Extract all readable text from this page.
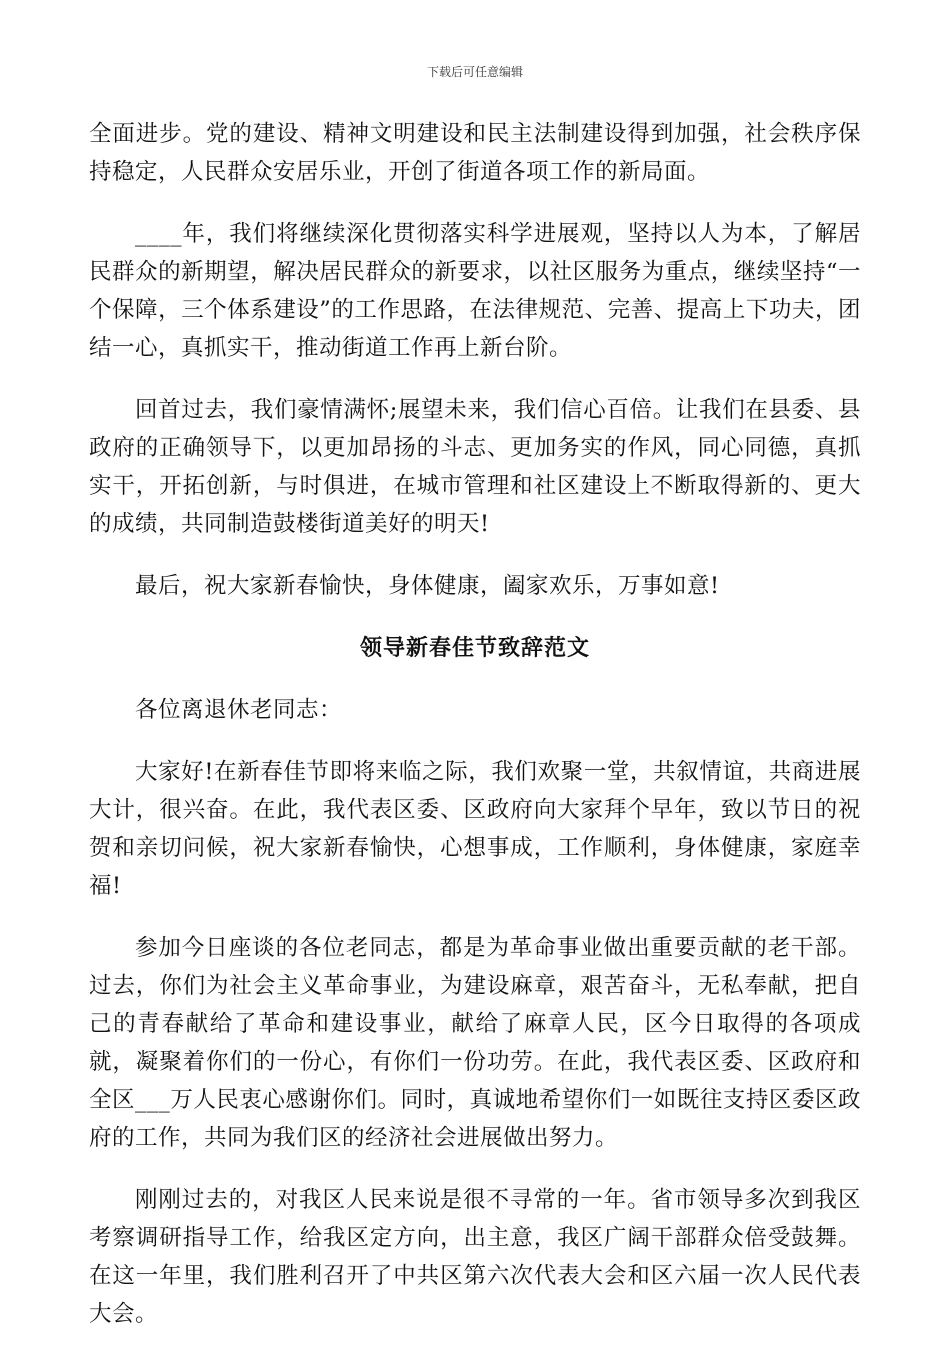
下载后可任意编辑

全面进步。党的建设、精神文明建设和民主法制建设得到加强，社会秩序保持稳定，人民群众安居乐业，开创了街道各项工作的新局面。

____年，我们将继续深化贯彻落实科学进展观，坚持以人为本，了解居民群众的新期望，解决居民群众的新要求，以社区服务为重点，继续坚持“一个保障，三个体系建设”的工作思路，在法律规范、完善、提高上下功夫，团结一心，真抓实干，推动街道工作再上新台阶。

回首过去，我们豪情满怀;展望未来，我们信心百倍。让我们在县委、县政府的正确领导下，以更加昂扬的斗志、更加务实的作风，同心同德，真抓实干，开拓创新，与时俱进，在城市管理和社区建设上不断取得新的、更大的成绩，共同制造鼓楼街道美好的明天!

最后，祝大家新春愉快，身体健康，阖家欢乐，万事如意!

领导新春佳节致辞范文

各位离退休老同志：

大家好!在新春佳节即将来临之际，我们欢聚一堂，共叙情谊，共商进展大计，很兴奋。在此，我代表区委、区政府向大家拜个早年，致以节日的祝贺和亲切问候，祝大家新春愉快，心想事成，工作顺利，身体健康，家庭幸福!

参加今日座谈的各位老同志，都是为革命事业做出重要贡献的老干部。过去，你们为社会主义革命事业，为建设麻章，艰苦奋斗，无私奉献，把自己的青春献给了革命和建设事业，献给了麻章人民，区今日取得的各项成就，凝聚着你们的一份心，有你们一份功劳。在此，我代表区委、区政府和全区___万人民衷心感谢你们。同时，真诚地希望你们一如既往支持区委区政府的工作，共同为我们区的经济社会进展做出努力。

刚刚过去的，对我区人民来说是很不寻常的一年。省市领导多次到我区考察调研指导工作，给我区定方向，出主意，我区广阔干部群众倍受鼓舞。在这一年里，我们胜利召开了中共区第六次代表大会和区六届一次人民代表大会。
